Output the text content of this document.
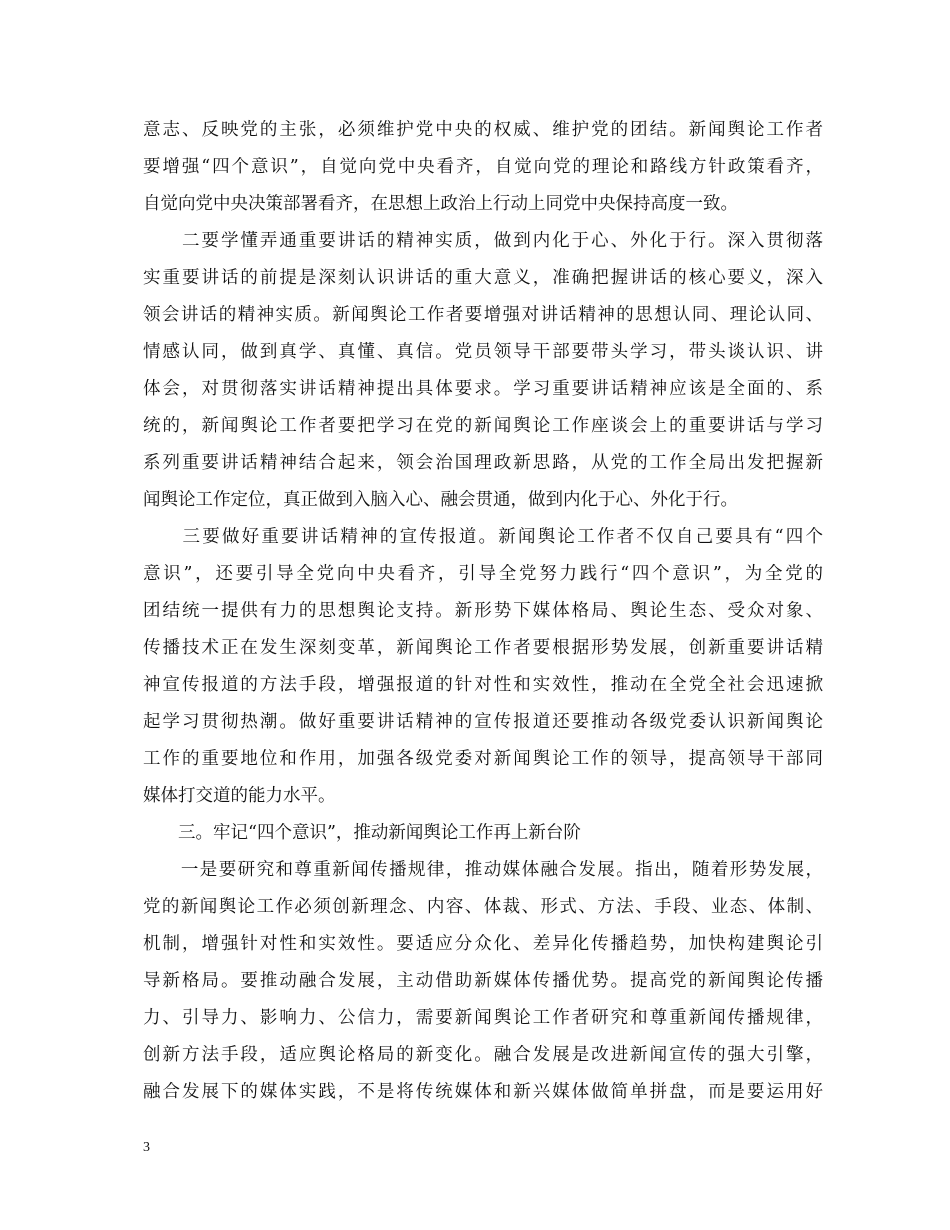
意志、反映党的主张，必须维护党中央的权威、维护党的团结。新闻舆论工作者
要增强“四个意识”，自觉向党中央看齐，自觉向党的理论和路线方针政策看齐，
自觉向党中央决策部署看齐，在思想上政治上行动上同党中央保持高度一致。
　　二要学懂弄通重要讲话的精神实质，做到内化于心、外化于行。深入贯彻落
实重要讲话的前提是深刻认识讲话的重大意义，准确把握讲话的核心要义，深入
领会讲话的精神实质。新闻舆论工作者要增强对讲话精神的思想认同、理论认同、
情感认同，做到真学、真懂、真信。党员领导干部要带头学习，带头谈认识、讲
体会，对贯彻落实讲话精神提出具体要求。学习重要讲话精神应该是全面的、系
统的，新闻舆论工作者要把学习在党的新闻舆论工作座谈会上的重要讲话与学习
系列重要讲话精神结合起来，领会治国理政新思路，从党的工作全局出发把握新
闻舆论工作定位，真正做到入脑入心、融会贯通，做到内化于心、外化于行。
　　三要做好重要讲话精神的宣传报道。新闻舆论工作者不仅自己要具有“四个
意识”，还要引导全党向中央看齐，引导全党努力践行“四个意识”，为全党的
团结统一提供有力的思想舆论支持。新形势下媒体格局、舆论生态、受众对象、
传播技术正在发生深刻变革，新闻舆论工作者要根据形势发展，创新重要讲话精
神宣传报道的方法手段，增强报道的针对性和实效性，推动在全党全社会迅速掀
起学习贯彻热潮。做好重要讲话精神的宣传报道还要推动各级党委认识新闻舆论
工作的重要地位和作用，加强各级党委对新闻舆论工作的领导，提高领导干部同
媒体打交道的能力水平。
　　三。牢记“四个意识”，推动新闻舆论工作再上新台阶
　　一是要研究和尊重新闻传播规律，推动媒体融合发展。指出，随着形势发展，
党的新闻舆论工作必须创新理念、内容、体裁、形式、方法、手段、业态、体制、
机制，增强针对性和实效性。要适应分众化、差异化传播趋势，加快构建舆论引
导新格局。要推动融合发展，主动借助新媒体传播优势。提高党的新闻舆论传播
力、引导力、影响力、公信力，需要新闻舆论工作者研究和尊重新闻传播规律，
创新方法手段，适应舆论格局的新变化。融合发展是改进新闻宣传的强大引擎，
融合发展下的媒体实践，不是将传统媒体和新兴媒体做简单拼盘，而是要运用好
3
